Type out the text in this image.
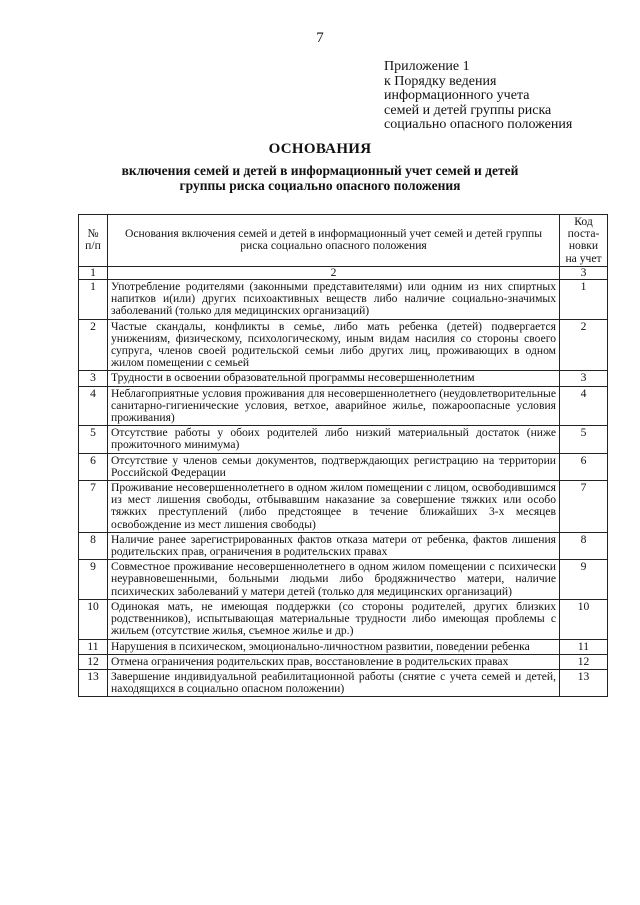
7
Приложение 1
к Порядку ведения
информационного учета
семей и детей группы риска
социально опасного положения
ОСНОВАНИЯ
включения семей и детей в информационный учет семей и детей группы риска социально опасного положения
№ п/п	Основания включения семей и детей в информационный учет семей и детей группы риска социально опасного положения	Код поста-новки на учет
1	2	3
1	Употребление родителями (законными представителями) или одним из них спиртных напитков и(или) других психоактивных веществ либо наличие социально-значимых заболеваний (только для медицинских организаций)	1
2	Частые скандалы, конфликты в семье, либо мать ребенка (детей) подвергается унижениям, физическому, психологическому, иным видам насилия со стороны своего супруга, членов своей родительской семьи либо других лиц, проживающих в одном жилом помещении с семьей	2
3	Трудности в освоении образовательной программы несовершеннолетним	3
4	Неблагоприятные условия проживания для несовершеннолетнего (неудовлетворительные санитарно-гигиенические условия, ветхое, аварийное жилье, пожароопасные условия проживания)	4
5	Отсутствие работы у обоих родителей либо низкий материальный достаток (ниже прожиточного минимума)	5
6	Отсутствие у членов семьи документов, подтверждающих регистрацию на территории Российской Федерации	6
7	Проживание несовершеннолетнего в одном жилом помещении с лицом, освободившимся из мест лишения свободы, отбывавшим наказание за совершение тяжких или особо тяжких преступлений (либо предстоящее в течение ближайших 3-х месяцев освобождение из мест лишения свободы)	7
8	Наличие ранее зарегистрированных фактов отказа матери от ребенка, фактов лишения родительских прав, ограничения в родительских правах	8
9	Совместное проживание несовершеннолетнего в одном жилом помещении с психически неуравновешенными, больными людьми либо бродяжничество матери, наличие психических заболеваний у матери детей (только для медицинских организаций)	9
10	Одинокая мать, не имеющая поддержки (со стороны родителей, других близких родственников), испытывающая материальные трудности либо имеющая проблемы с жильем (отсутствие жилья, съемное жилье и др.)	10
11	Нарушения в психическом, эмоционально-личностном развитии, поведении ребенка	11
12	Отмена ограничения родительских прав, восстановление в родительских правах	12
13	Завершение индивидуальной реабилитационной работы (снятие с учета семей и детей, находящихся в социально опасном положении)	13
